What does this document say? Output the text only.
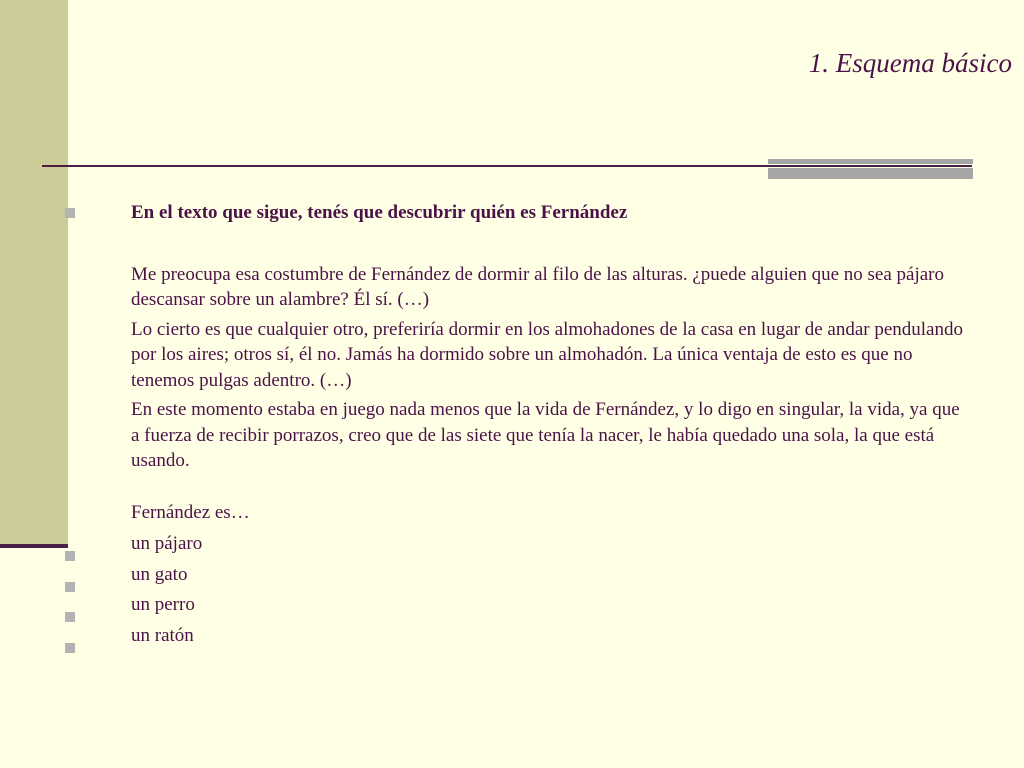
1. Esquema básico
En el texto que sigue, tenés que descubrir quién es Fernández

Me preocupa esa costumbre de Fernández de dormir al filo de las alturas. ¿puede alguien que no sea pájaro descansar sobre un alambre? Él sí. (…)

Lo cierto es que cualquier otro, preferiría dormir en los almohadones de la casa en lugar de andar pendulando por los aires; otros sí, él no. Jamás ha dormido sobre un almohadón. La única ventaja de esto es que no tenemos pulgas adentro. (…)

En este momento estaba en juego nada menos que la vida de Fernández, y lo digo en singular, la vida, ya que a fuerza de recibir porrazos, creo que de las siete que tenía la nacer, le había quedado una sola, la que está usando.

Fernández es…
un pájaro
un gato
un perro
un ratón
